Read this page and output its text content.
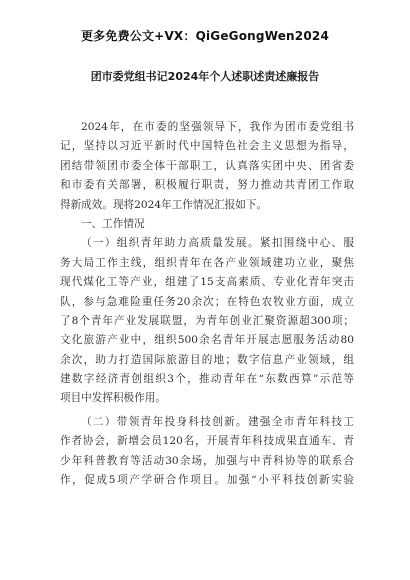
更多免费公文+VX：QiGeGongWen2024
团市委党组书记2024年个人述职述责述廉报告
2024年，在市委的坚强领导下，我作为团市委党组书
记，坚持以习近平新时代中国特色社会主义思想为指导，
团结带领团市委全体干部职工，认真落实团中央、团省委
和市委有关部署，积极履行职责，努力推动共青团工作取
得新成效。现将2024年工作情况汇报如下。
一、工作情况
（一）组织青年助力高质量发展。紧扣围绕中心、服
务大局工作主线，组织青年在各产业领域建功立业，聚焦
现代煤化工等产业，组建了15支高素质、专业化青年突击
队，参与急难险重任务20余次；在特色农牧业方面，成立
了8个青年产业发展联盟，为青年创业汇聚资源超300项；
文化旅游产业中，组织500余名青年开展志愿服务活动80
余次，助力打造国际旅游目的地；数字信息产业领域，组
建数字经济青创组织3个，推动青年在“东数西算”示范等
项目中发挥积极作用。
（二）带领青年投身科技创新。建强全市青年科技工
作者协会，新增会员120名，开展青年科技成果直通车、青
少年科普教育等活动30余场，加强与中青科协等的联系合
作，促成5项产学研合作项目。加强“小平科技创新实验
